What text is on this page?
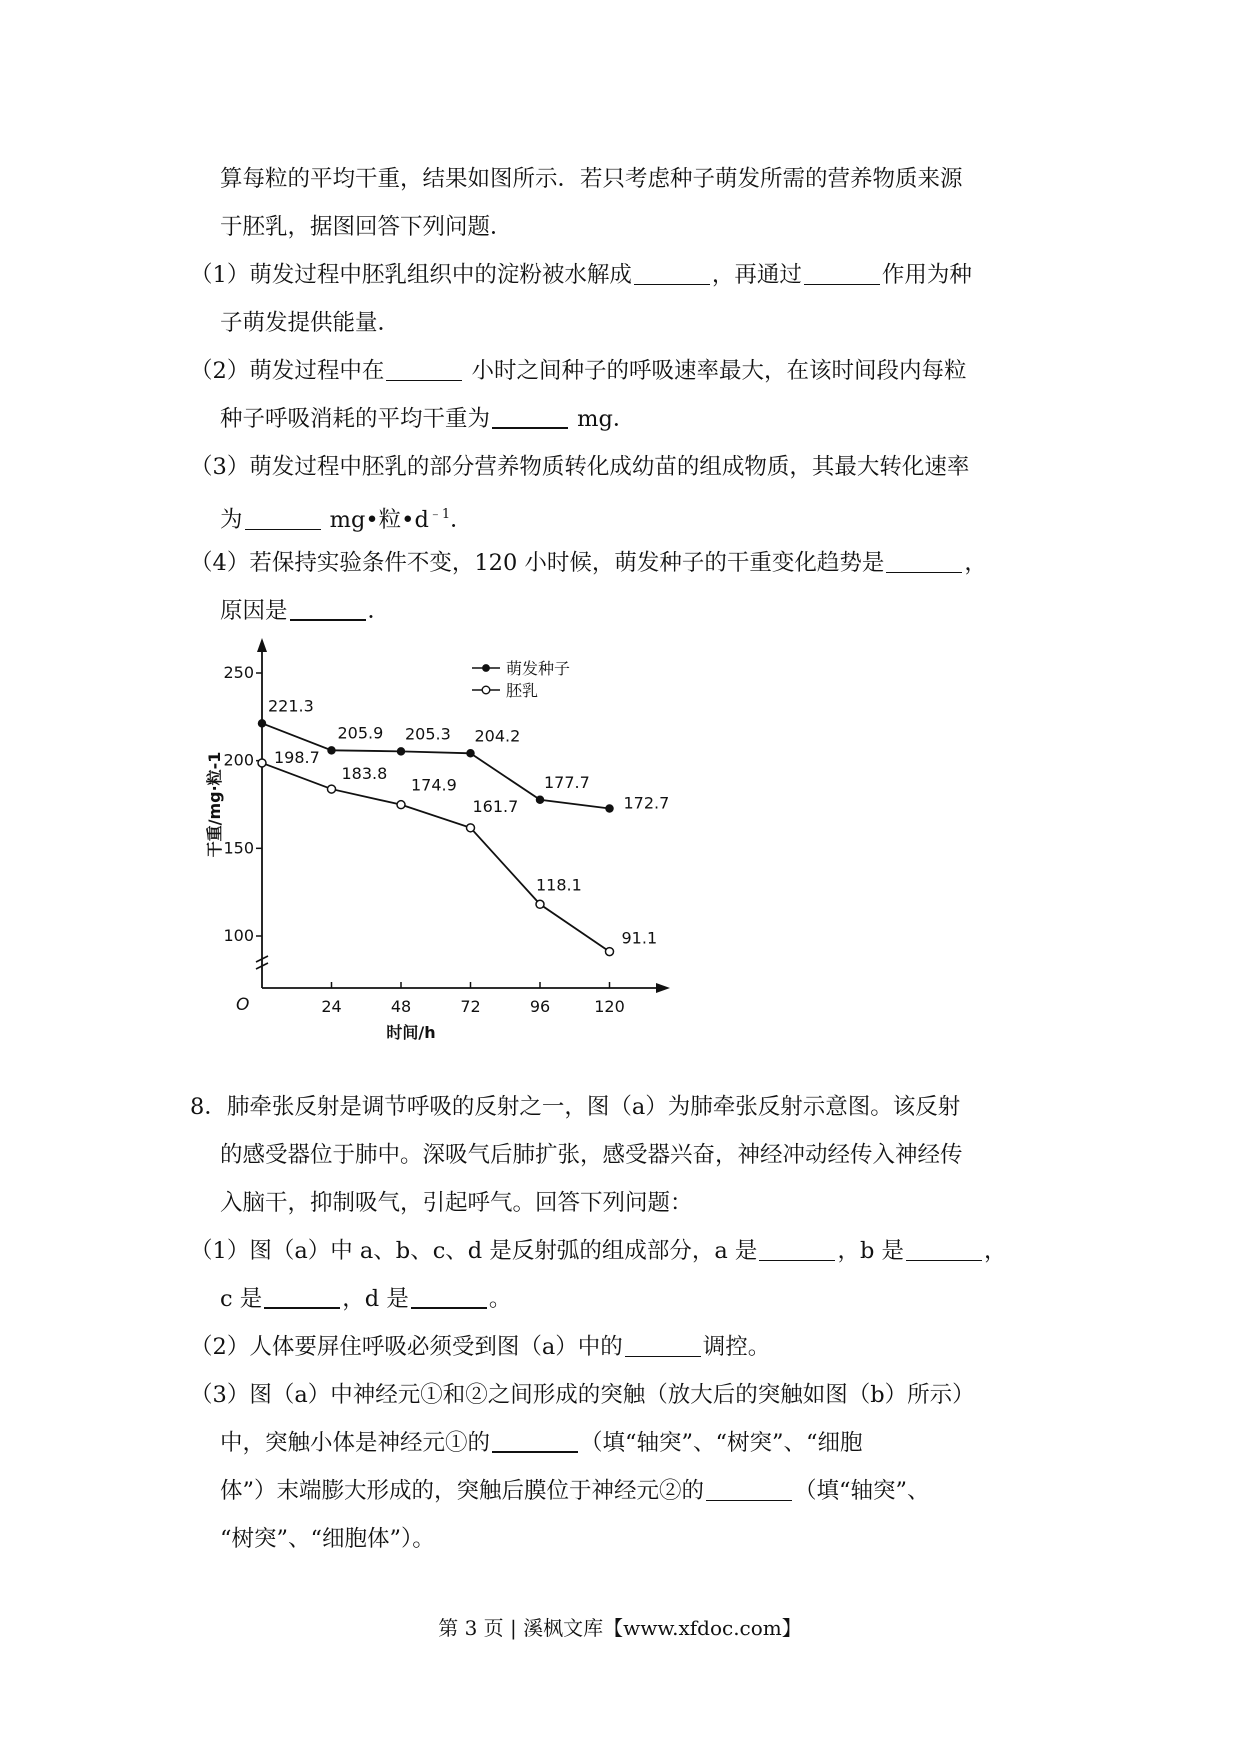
算每粒的平均干重，结果如图所示．若只考虑种子萌发所需的营养物质来源
于胚乳，据图回答下列问题．
（1）萌发过程中胚乳组织中的淀粉被水解成	，再通过	作用为种
子萌发提供能量．
（2）萌发过程中在	小时之间种子的呼吸速率最大，在该时间段内每粒
种子呼吸消耗的平均干重为	mg．
（3）萌发过程中胚乳的部分营养物质转化成幼苗的组成物质，其最大转化速率
为	mg•粒$•d^{﹣1}$．
（4）若保持实验条件不变，120 小时候，萌发种子的干重变化趋势是	，
原因是	．
100
150
200
250
24	48	72	96	120
221.3
205.9 205.3 204.2
177.7
172.7
198.7
183.8
174.9
161.7
118.1
91.1
萌发种子
胚乳
时间/h
干重/mg·粒-1
O
8．肺牵张反射是调节呼吸的反射之一，图（a）为肺牵张反射示意图。该反射
的感受器位于肺中。深吸气后肺扩张，感受器兴奋，神经冲动经传入神经传
入脑干，抑制吸气，引起呼气。回答下列问题：
（1）图（a）中 a、b、c、d 是反射弧的组成部分，a 是	，b 是	，
c 是	，d 是	。
（2）人体要屏住呼吸必须受到图（a）中的	调控。
（3）图（a）中神经元①和②之间形成的突触（放大后的突触如图（b）所示）
中，突触小体是神经元①的	（填“轴突”、“树突”、“细胞
体”）末端膨大形成的，突触后膜位于神经元②的	（填“轴突”、
“树突”、“细胞体”）。
第 3 页 | 溪枫文库【www.xfdoc.com】
